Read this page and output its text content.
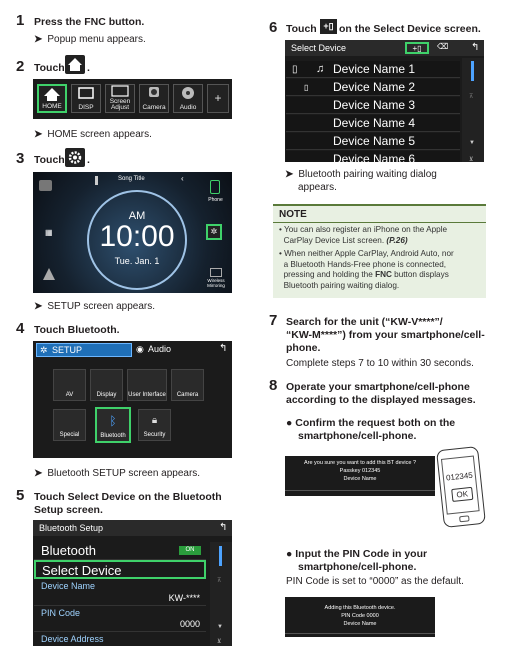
1 Press the FNC button.
➤ Popup menu appears.
2 Touch .
HOME	DISP
Screen
Adjust	Camera	Audio
+
➤ HOME screen appears.
3 Touch .
Song Title	‹
AM
10:00
Tue. Jan. 1
▦
Phone
✲
Wireless
Mirroring
➤ SETUP screen appears.
4 Touch Bluetooth.
✲ SETUP	◉ Audio	↰
AV	Display	User Interface	Camera
Special
ᛒ
Bluetooth
🔒︎
Security
➤ Bluetooth SETUP screen appears.
5 Touch Select Device on the Bluetooth
Setup screen.
Bluetooth Setup	↰
Bluetooth	ON
Select Device
Device Name
KW-****
PIN Code
0000
Device Address
⊼
▼
⊻
6 Touch +▯ on the Select Device screen.
Select Device	+▯	⌫ ↰
▯ ♫ Device Name 1
▯ Device Name 2
Device Name 3
Device Name 4
Device Name 5
Device Name 6
⊼
▼
⊻
➤ Bluetooth pairing waiting dialog
appears.
NOTE
• You can also register an iPhone on the Apple
CarPlay Device List screen. (P.26)
• When neither Apple CarPlay, Android Auto, nor
a Bluetooth Hands-Free phone is connected,
pressing and holding the FNC button displays
Bluetooth pairing waiting dialog.
7 Search for the unit (“KW-V****”/
“KW-M****”) from your smartphone/cell-
phone.
Complete steps 7 to 10 within 30 seconds.
8 Operate your smartphone/cell-phone
according to the displayed messages.
● Confirm the request both on the
smartphone/cell-phone.
Are you sure you want to add this BT device ?
Passkey 012345
Device Name	012345
OK
● Input the PIN Code in your
smartphone/cell-phone.
PIN Code is set to “0000” as the default.
Adding this Bluetooth device.
PIN Code 0000
Device Name
